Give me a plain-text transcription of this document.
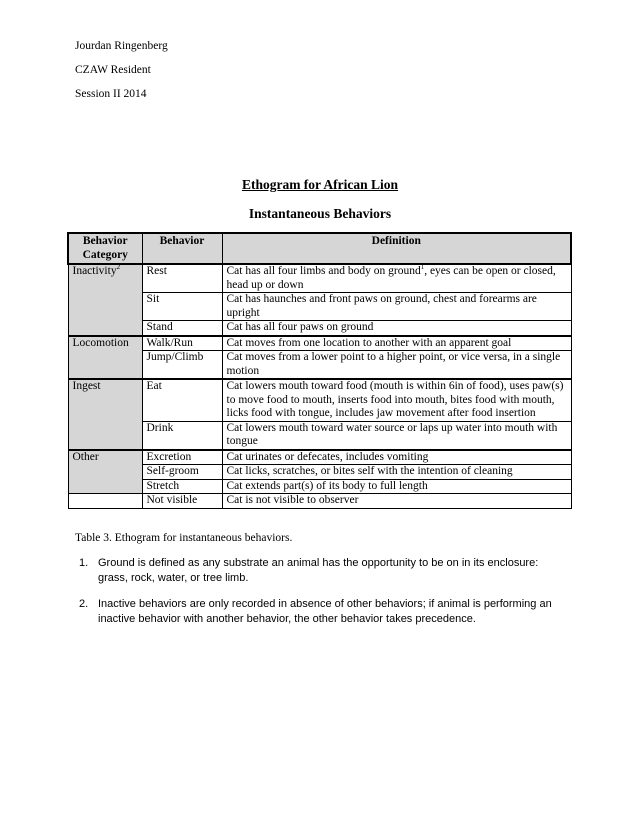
Jourdan Ringenberg
CZAW Resident
Session II 2014
Ethogram for African Lion
Instantaneous Behaviors
Behavior Category	Behavior	Definition
Inactivity$^2$	Rest	Cat has all four limbs and body on ground$^1$, eyes can be open or closed, head up or down
	Sit	Cat has haunches and front paws on ground, chest and forearms are upright
	Stand	Cat has all four paws on ground
Locomotion	Walk/Run	Cat moves from one location to another with an apparent goal
	Jump/Climb	Cat moves from a lower point to a higher point, or vice versa, in a single motion
Ingest	Eat	Cat lowers mouth toward food (mouth is within 6in of food), uses paw(s) to move food to mouth, inserts food into mouth, bites food with mouth, licks food with tongue, includes jaw movement after food insertion
	Drink	Cat lowers mouth toward water source or laps up water into mouth with tongue
Other	Excretion	Cat urinates or defecates, includes vomiting
	Self-groom	Cat licks, scratches, or bites self with the intention of cleaning
	Stretch	Cat extends part(s) of its body to full length
	Not visible	Cat is not visible to observer
Table 3. Ethogram for instantaneous behaviors.
1. Ground is defined as any substrate an animal has the opportunity to be on in its enclosure: grass, rock, water, or tree limb.
2. Inactive behaviors are only recorded in absence of other behaviors; if animal is performing an inactive behavior with another behavior, the other behavior takes precedence.
